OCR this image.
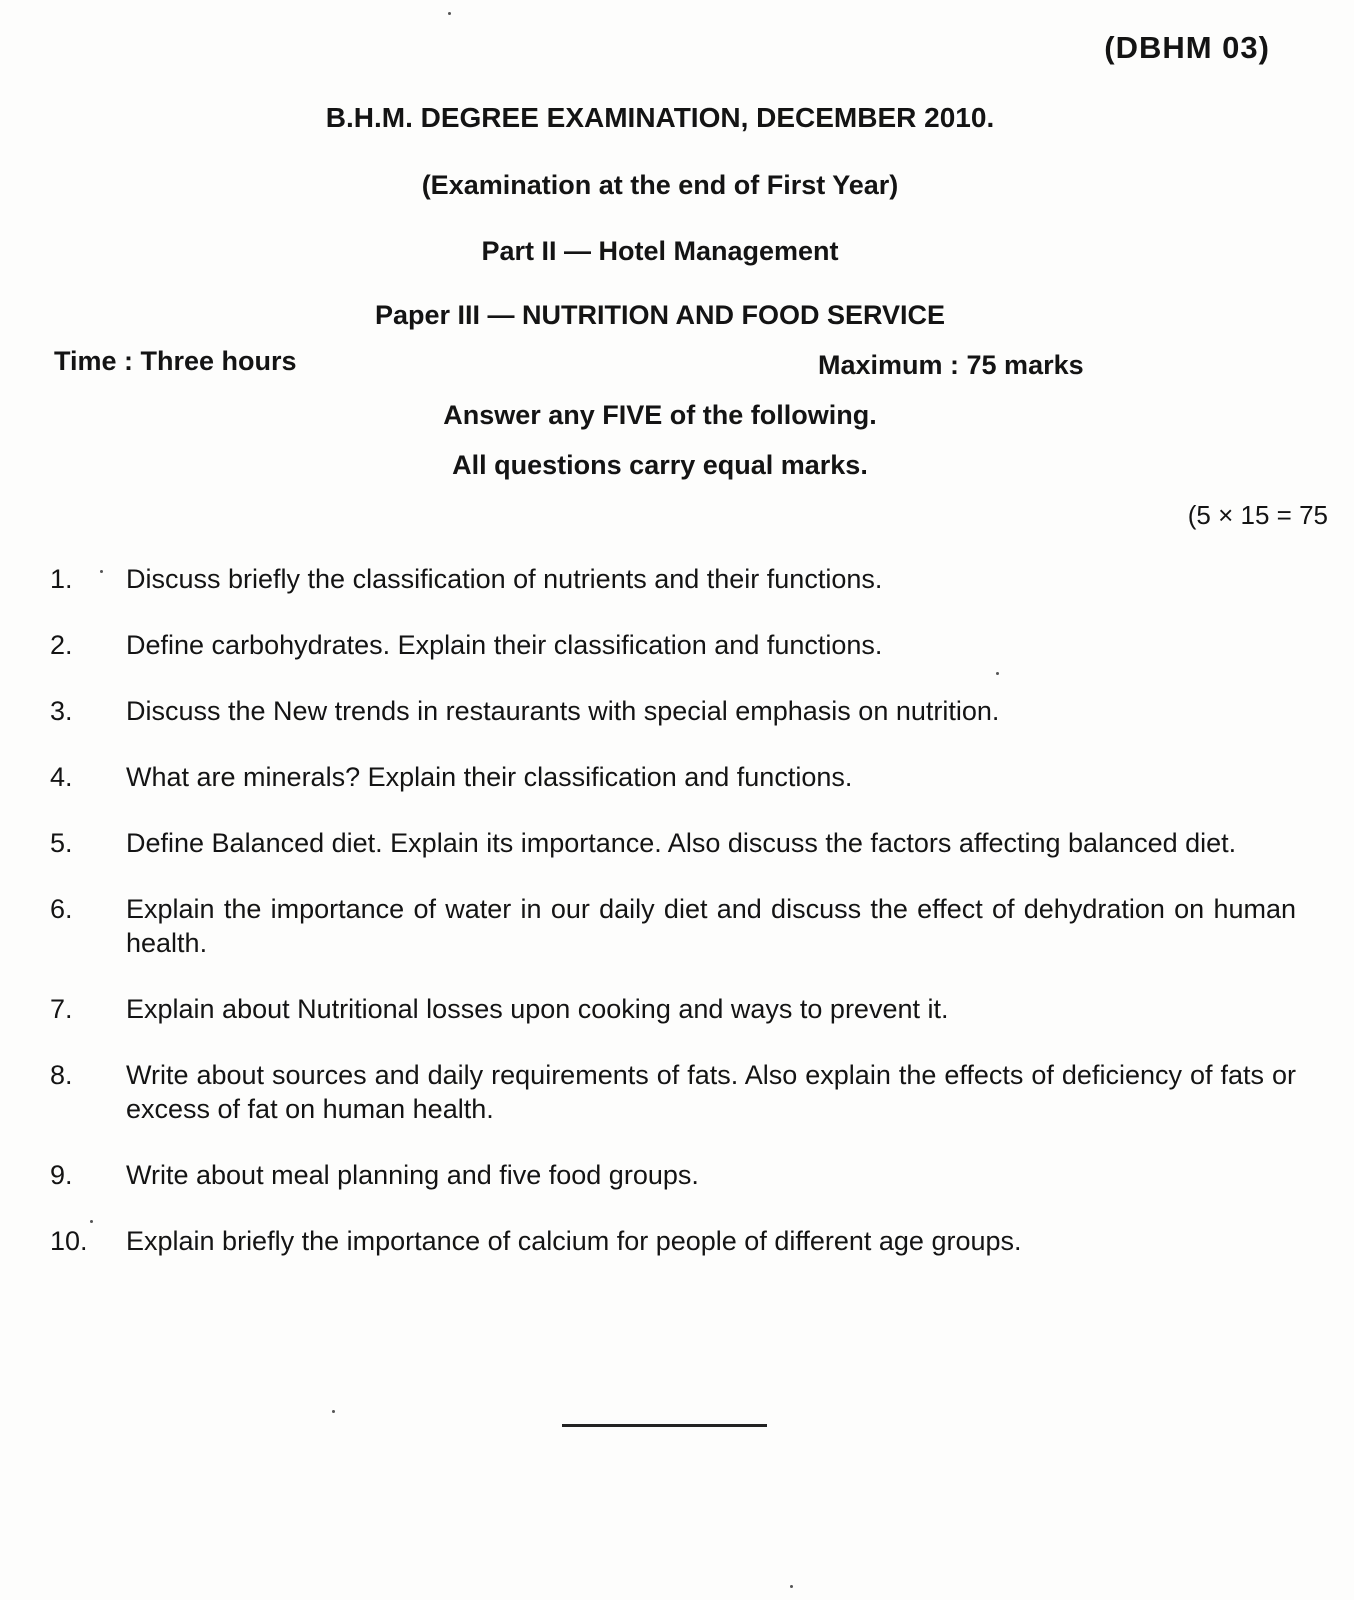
(DBHM 03)
B.H.M. DEGREE EXAMINATION, DECEMBER 2010.
(Examination at the end of First Year)
Part II — Hotel Management
Paper III — NUTRITION AND FOOD SERVICE
Time : Three hours	Maximum : 75 marks
Answer any FIVE of the following.
All questions carry equal marks.
(5 × 15 = 75
1.	Discuss briefly the classification of nutrients and their functions.
2.	Define carbohydrates. Explain their classification and functions.
3.	Discuss the New trends in restaurants with special emphasis on nutrition.
4.	What are minerals? Explain their classification and functions.
5.	Define Balanced diet. Explain its importance. Also discuss the factors affecting balanced diet.
6.	Explain the importance of water in our daily diet and discuss the effect of dehydration on human health.
7.	Explain about Nutritional losses upon cooking and ways to prevent it.
8.	Write about sources and daily requirements of fats. Also explain the effects of deficiency of fats or excess of fat on human health.
9.	Write about meal planning and five food groups.
10.	Explain briefly the importance of calcium for people of different age groups.
